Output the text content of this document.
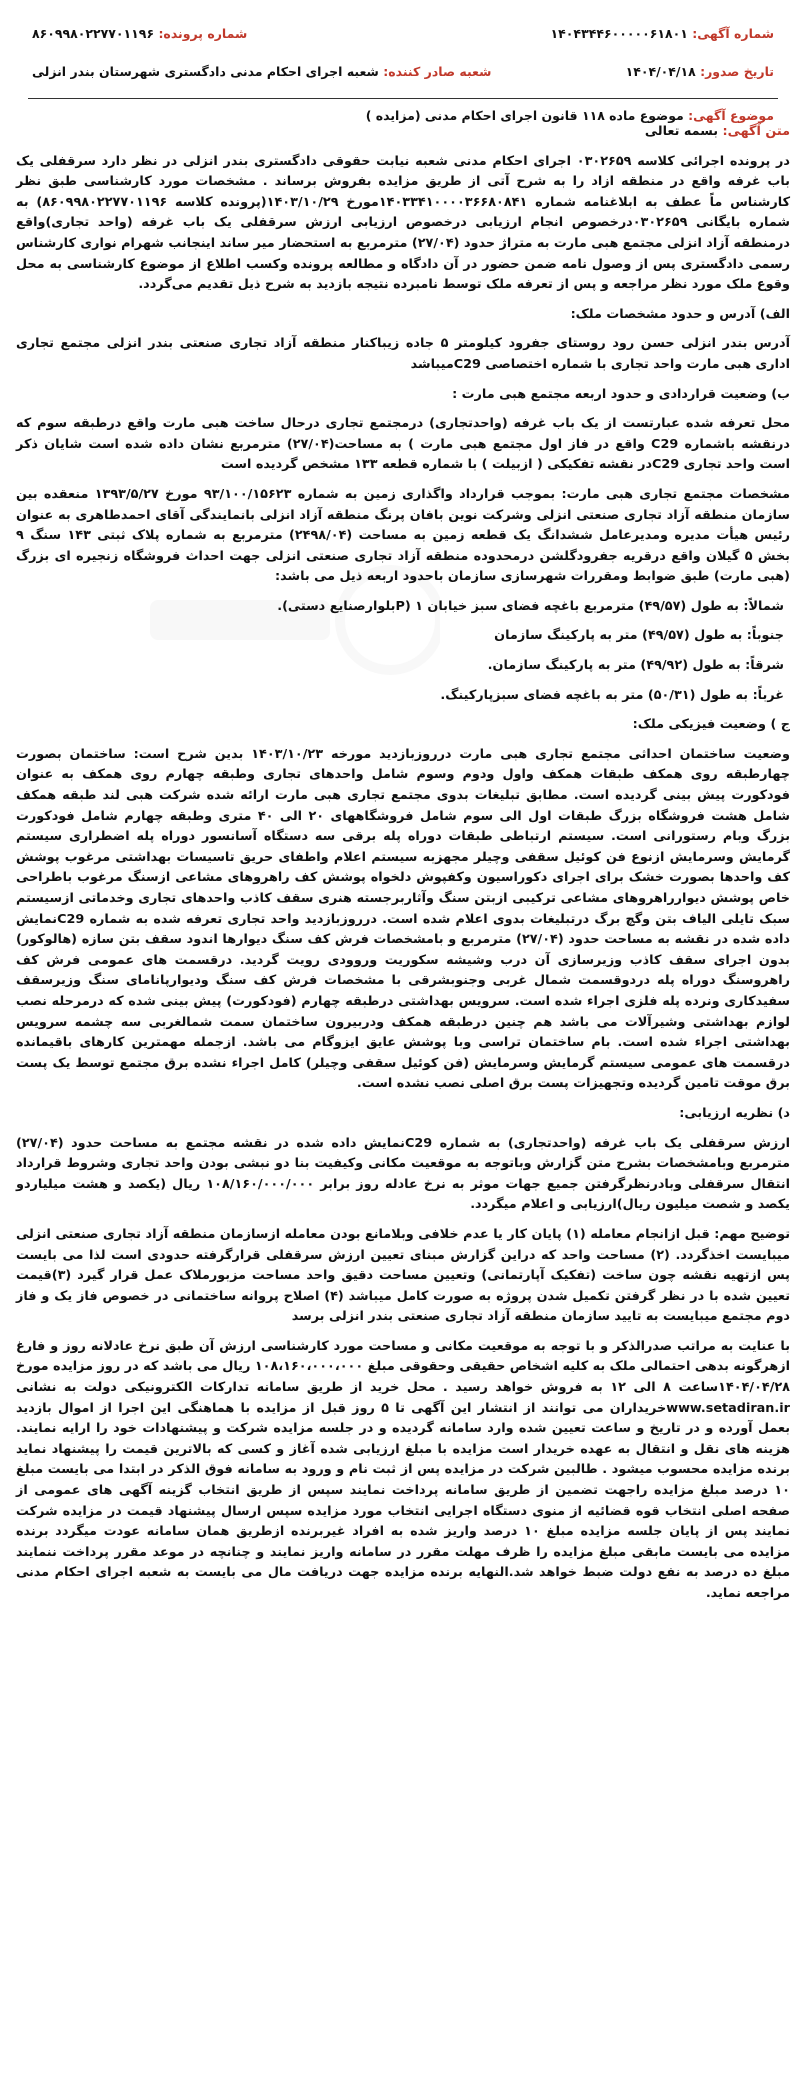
شماره آگهی: ۱۴۰۴۳۴۴۶۰۰۰۰۰۶۱۸۰۱
شماره پرونده: ۸۶۰۹۹۸۰۲۲۷۷۰۱۱۹۶
تاریخ صدور: ۱۴۰۴/۰۴/۱۸
شعبه صادر کننده: شعبه اجرای احکام مدنی دادگستری شهرستان بندر انزلی
موضوع آگهی: موضوع ماده ۱۱۸ قانون اجرای احکام مدنی (مزایده )

متن آگهی: بسمه تعالی

در پرونده اجرائی کلاسه ۰۳۰۲۶۵۹ اجرای احکام مدنی شعبه نیابت حقوقی دادگستری بندر انزلی در نظر دارد سرقفلی یک باب غرفه واقع در منطقه ازاد را به شرح آتی از طریق مزایده بفروش برساند . مشخصات مورد کارشناسی طبق نظر کارشناس ماً عطف به ابلاغنامه شماره ۱۴۰۳۳۴۱۰۰۰۰۳۶۶۸۰۸۴۱مورخ ۱۴۰۳/۱۰/۲۹(پرونده کلاسه ۸۶۰۹۹۸۰۲۲۷۷۰۱۱۹۶) به شماره بایگانی ۰۳۰۲۶۵۹درخصوص انجام ارزیابی درخصوص ارزیابی ارزش سرقفلی یک باب غرفه (واحد تجاری)واقع درمنطقه آزاد انزلی مجتمع هبی مارت به متراژ حدود (۲۷/۰۴) مترمربع به استحضار میر ساند اینجانب شهرام نواری کارشناس رسمی دادگستری پس از وصول نامه ضمن حضور در آن دادگاه و مطالعه پرونده وکسب اطلاع از موضوع کارشناسی به محل وقوع ملک مورد نظر مراجعه و پس از تعرفه ملک توسط نامبرده نتیجه بازدید به شرح ذیل تقدیم می‌گردد.

الف) آدرس و حدود مشخصات ملک:

آدرس بندر انزلی حسن رود روستای جفرود کیلومتر ۵ جاده زیباکنار منطقه آزاد تجاری صنعتی بندر انزلی مجتمع تجاری اداری هبی مارت واحد تجاری با شماره اختصاصی C29میباشد

ب) وضعیت قراردادی و حدود اربعه مجتمع هبی مارت :

محل تعرفه شده عبارتست از یک باب غرفه (واحدتجاری) درمجتمع تجاری درحال ساخت هبی مارت واقع درطبقه سوم که درنقشه باشماره C29 واقع در فاز اول مجتمع هبی مارت ) به مساحت(۲۷/۰۴) مترمربع نشان داده شده است شایان ذکر است واحد تجاری C29در نقشه تفکیکی ( ازبیلت ) با شماره قطعه ۱۳۳ مشخص گردیده است

مشخصات مجتمع تجاری هبی مارت: بموجب قرارداد واگذاری زمین به شماره ۹۳/۱۰۰/۱۵۶۲۳ مورخ ۱۳۹۳/۵/۲۷ منعقده بین سازمان منطقه آزاد تجاری صنعتی انزلی وشرکت نوین بافان پرنگ منطقه آزاد انزلی بانمایندگی آقای احمدطاهری به عنوان رئیس هیأت مدیره ومدیرعامل ششدانگ یک قطعه زمین به مساحت (۲۴۹۸/۰۴) مترمربع به شماره پلاک ثبتی ۱۴۳ سنگ ۹ بخش ۵ گیلان واقع درقریه جفرودگلشن درمحدوده منطقه آزاد تجاری صنعتی انزلی جهت احداث فروشگاه زنجیره ای بزرگ (هبی مارت) طبق ضوابط ومقررات شهرسازی سازمان باحدود اربعه ذیل می باشد:

شمالاً: به طول (۴۹/۵۷) مترمربع باغچه فضای سبز خیابان ۱ (Pبلوارصنایع دستی).

جنوباً: به طول (۴۹/۵۷) متر به پارکینگ سازمان

شرقاً: به طول (۴۹/۹۲) متر به پارکینگ سازمان.

غرباً: به طول (۵۰/۳۱) متر به باغچه فضای سبزپارکینگ.

ج ) وضعیت فیزیکی ملک:

وضعیت ساختمان احداثی مجتمع تجاری هبی مارت درروزبازدید مورخه ۱۴۰۳/۱۰/۲۳ بدین شرح است: ساختمان بصورت چهارطبقه روی همکف طبقات همکف واول ودوم وسوم شامل واحدهای تجاری وطبقه چهارم روی همکف به عنوان فودکورت پیش بینی گردیده است. مطابق تبلیغات بدوی مجتمع تجاری هبی مارت ارائه شده شرکت هبی لند طبقه همکف شامل هشت فروشگاه بزرگ طبقات اول الی سوم شامل فروشگاههای ۲۰ الی ۴۰ متری وطبقه چهارم شامل فودکورت بزرگ وبام رستورانی است. سیستم ارتباطی طبقات دوراه پله برقی سه دستگاه آسانسور دوراه پله اضطراری سیستم گرمایش وسرمایش ازنوع فن کوئیل سقفی وچیلر مجهزبه سیستم اعلام واطفای حریق تاسیسات بهداشتی مرغوب پوشش کف واحدها بصورت خشک برای اجرای دکوراسیون وکفپوش دلخواه پوشش کف راهروهای مشاعی ازسنگ مرغوب باطراحی خاص پوشش دیوارراهروهای مشاعی ترکیبی ازبتن سنگ وآثاربرجسته هنری سقف کاذب واحدهای تجاری وخدماتی ازسیستم سبک تایلی الیاف بتن وگچ برگ درتبلیغات بدوی اعلام شده است. درروزبازدید واحد تجاری تعرفه شده به شماره C29نمایش داده شده در نقشه به مساحت حدود (۲۷/۰۴) مترمربع و بامشخصات فرش کف سنگ دیوارها اندود سقف بتن سازه (هالوکور) بدون اجرای سقف کاذب وزیرسازی آن درب وشیشه سکوریت وروودی رویت گردید. درقسمت های عمومی فرش کف راهروسنگ دوراه پله دردوقسمت شمال غربی وجنوبشرقی با مشخصات فرش کف سنگ ودیوارپانامای سنگ وزیرسقف سفیدکاری ونرده پله فلزی اجراء شده است. سرویس بهداشتی درطبقه چهارم (فودکورت) پیش بینی شده که درمرحله نصب لوازم بهداشتی وشیرآلات می باشد هم چنین درطبقه همکف ودربیرون ساختمان سمت شمالغربی سه چشمه سرویس بهداشتی اجراء شده است. بام ساختمان تراسی وبا پوشش عایق ایزوگام می باشد. ازجمله مهمترین کارهای باقیمانده درقسمت های عمومی سیستم گرمایش وسرمایش (فن کوئیل سقفی وچیلر) کامل اجراء نشده برق مجتمع توسط یک پست برق موقت تامین گردیده وتجهیزات پست برق اصلی نصب نشده است.

د) نظریه ارزیابی:

ارزش سرقفلی یک باب غرفه (واحدتجاری) به شماره C29نمایش داده شده در نقشه مجتمع به مساحت حدود (۲۷/۰۴) مترمربع وبامشخصات بشرح متن گزارش وباتوجه به موقعیت مکانی وکیفیت بنا دو نبشی بودن واحد تجاری وشروط قرارداد انتقال سرقفلی وبادرنظرگرفتن جمیع جهات موثر به نرخ عادله روز برابر ۱۰۸/۱۶۰/۰۰۰/۰۰۰ ریال (یکصد و هشت میلیاردو یکصد و شصت میلیون ریال)ارزیابی و اعلام میگردد.

توضیح مهم: قبل ازانجام معامله (۱) پایان کار یا عدم خلافی وبلامانع بودن معامله ازسازمان منطقه آزاد تجاری صنعتی انزلی میبایست اخذگردد. (۲) مساحت واحد که دراین گزارش مبنای تعیین ارزش سرقفلی قرارگرفته حدودی است لذا می بایست پس ازتهیه نقشه چون ساخت (تفکیک آپارتمانی) وتعیین مساحت دقیق واحد مساحت مزبورملاک عمل قرار گیرد (۳)قیمت تعیین شده با در نظر گرفتن تکمیل شدن پروژه به صورت کامل میباشد (۴) اصلاح پروانه ساختمانی در خصوص فاز یک و فاز دوم مجتمع میبایست به تایید سازمان منطقه آزاد تجاری صنعتی بندر انزلی برسد

با عنایت به مراتب صدرالذکر و با توجه به موقعیت مکانی و مساحت مورد کارشناسی ارزش آن طبق نرخ عادلانه روز و فارغ ازهرگونه بدهی احتمالی ملک به کلیه اشخاص حقیقی وحقوقی مبلغ ۱۰۸،۱۶۰،۰۰۰،۰۰۰ ریال می باشد که در روز مزایده مورخ ۱۴۰۴/۰۴/۲۸ساعت ۸ الی ۱۲ به فروش خواهد رسید . محل خرید از طریق سامانه تدارکات الکترونیکی دولت به نشانی www.setadiran.irخریداران می توانند از انتشار این آگهی تا ۵ روز قبل از مزایده با هماهنگی این اجرا از اموال بازدید بعمل آورده و در تاریخ و ساعت تعیین شده وارد سامانه گردیده و در جلسه مزایده شرکت و پیشنهادات خود را ارایه نمایند. هزینه های نقل و انتقال به عهده خریدار است مزایده با مبلغ ارزیابی شده آغاز و کسی که بالاترین قیمت را پیشنهاد نماید برنده مزایده محسوب میشود . طالبین شرکت در مزایده پس از ثبت نام و ورود به سامانه فوق الذکر در ابتدا می بایست مبلغ ۱۰ درصد مبلغ مزایده راجهت تضمین از طریق سامانه پرداخت نمایند سپس از طریق انتخاب گزینه آگهی های عمومی از صفحه اصلی انتخاب قوه قضائیه از منوی دستگاه اجرایی انتخاب مورد مزایده سپس ارسال پیشنهاد قیمت در مزایده شرکت نمایند پس از پایان جلسه مزایده مبلغ ۱۰ درصد واریز شده به افراد غیربرنده ازطریق همان سامانه عودت میگردد برنده مزایده می بایست مابقی مبلغ مزایده را ظرف مهلت مقرر در سامانه واریز نمایند و چنانچه در موعد مقرر پرداخت ننمایند مبلغ ده درصد به نفع دولت ضبط خواهد شد.النهایه برنده مزایده جهت دریافت مال می بایست به شعبه اجرای احکام مدنی مراجعه نماید.
